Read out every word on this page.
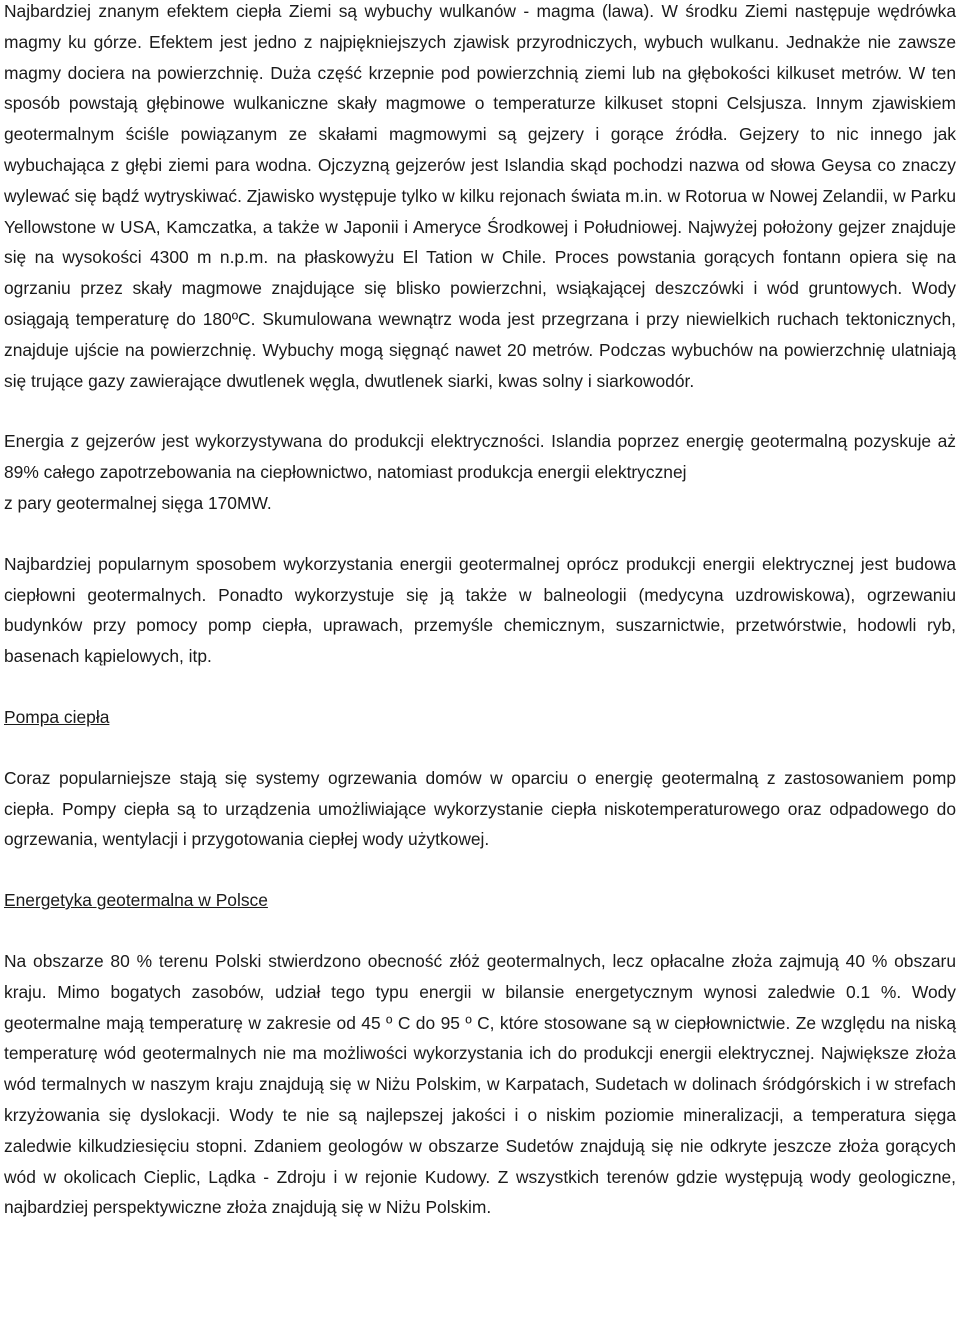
Najbardziej znanym efektem ciepła Ziemi są wybuchy wulkanów - magma (lawa). W środku Ziemi następuje wędrówka magmy ku górze. Efektem jest jedno z najpiękniejszych zjawisk przyrodniczych, wybuch wulkanu. Jednakże nie zawsze magmy dociera na powierzchnię. Duża część krzepnie pod powierzchnią ziemi lub na głębokości kilkuset metrów. W ten sposób powstają głębinowe wulkaniczne skały magmowe o temperaturze kilkuset stopni Celsjusza. Innym zjawiskiem geotermalnym ściśle powiązanym ze skałami magmowymi są gejzery i gorące źródła. Gejzery to nic innego jak wybuchająca z głębi ziemi para wodna. Ojczyzną gejzerów jest Islandia skąd pochodzi nazwa od słowa Geysa co znaczy wylewać się bądź wytryskiwać. Zjawisko występuje tylko w kilku rejonach świata m.in. w Rotorua w Nowej Zelandii, w Parku Yellowstone w USA, Kamczatka, a także w Japonii i Ameryce Środkowej i Południowej. Najwyżej położony gejzer znajduje się na wysokości 4300 m n.p.m. na płaskowyżu El Tation w Chile. Proces powstania gorących fontann opiera się na ogrzaniu przez skały magmowe znajdujące się blisko powierzchni, wsiąkającej deszczówki i wód gruntowych. Wody osiągają temperaturę do 180ºC. Skumulowana wewnątrz woda jest przegrzana i przy niewielkich ruchach tektonicznych, znajduje ujście na powierzchnię. Wybuchy mogą sięgnąć nawet 20 metrów. Podczas wybuchów na powierzchnię ulatniają się trujące gazy zawierające dwutlenek węgla, dwutlenek siarki, kwas solny i siarkowodór.

Energia z gejzerów jest wykorzystywana do produkcji elektryczności. Islandia poprzez energię geotermalną pozyskuje aż 89% całego zapotrzebowania na ciepłownictwo, natomiast produkcja energii elektrycznej
z pary geotermalnej sięga 170MW.

Najbardziej popularnym sposobem wykorzystania energii geotermalnej oprócz produkcji energii elektrycznej jest budowa ciepłowni geotermalnych. Ponadto wykorzystuje się ją także w balneologii (medycyna uzdrowiskowa), ogrzewaniu budynków przy pomocy pomp ciepła, uprawach, przemyśle chemicznym, suszarnictwie, przetwórstwie, hodowli ryb, basenach kąpielowych, itp.

Pompa ciepła

Coraz popularniejsze stają się systemy ogrzewania domów w oparciu o energię geotermalną z zastosowaniem pomp ciepła. Pompy ciepła są to urządzenia umożliwiające wykorzystanie ciepła niskotemperaturowego oraz odpadowego do ogrzewania, wentylacji i przygotowania ciepłej wody użytkowej.

Energetyka geotermalna w Polsce

Na obszarze 80 % terenu Polski stwierdzono obecność złóż geotermalnych, lecz opłacalne złoża zajmują 40 % obszaru kraju. Mimo bogatych zasobów, udział tego typu energii w bilansie energetycznym wynosi zaledwie 0.1 %. Wody geotermalne mają temperaturę w zakresie od 45 º C do 95 º C, które stosowane są w ciepłownictwie. Ze względu na niską temperaturę wód geotermalnych nie ma możliwości wykorzystania ich do produkcji energii elektrycznej. Największe złoża wód termalnych w naszym kraju znajdują się w Niżu Polskim, w Karpatach, Sudetach w dolinach śródgórskich i w strefach krzyżowania się dyslokacji. Wody te nie są najlepszej jakości i o niskim poziomie mineralizacji, a temperatura sięga zaledwie kilkudziesięciu stopni. Zdaniem geologów w obszarze Sudetów znajdują się nie odkryte jeszcze złoża gorących wód w okolicach Cieplic, Lądka - Zdroju i w rejonie Kudowy. Z wszystkich terenów gdzie występują wody geologiczne, najbardziej perspektywiczne złoża znajdują się w Niżu Polskim.
